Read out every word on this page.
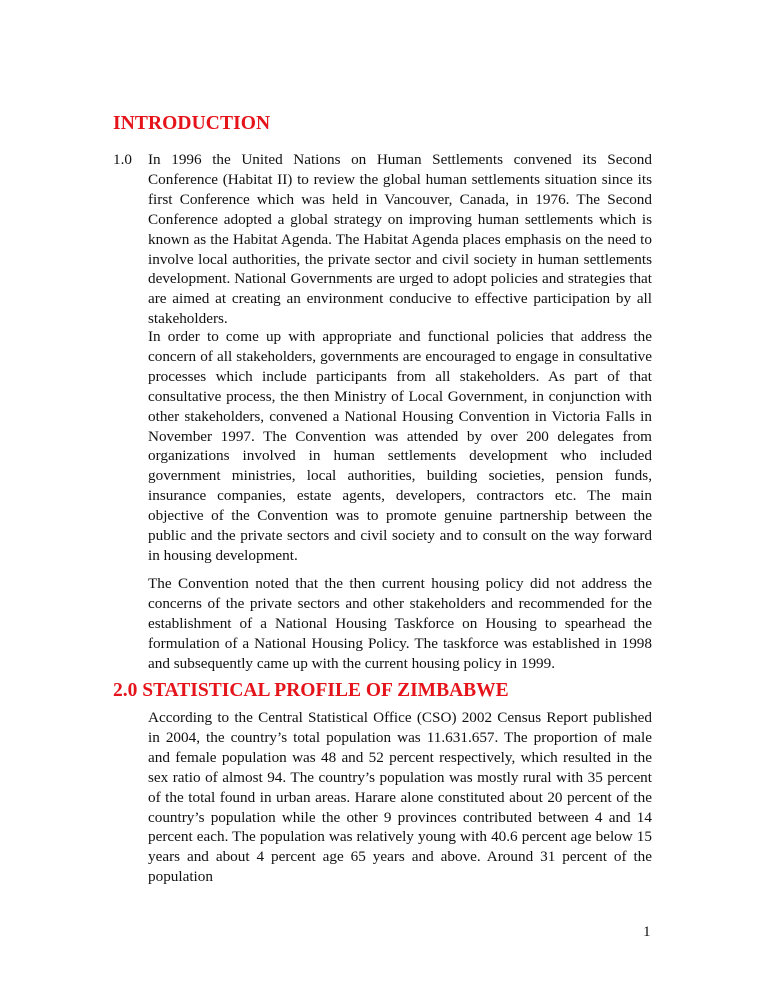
INTRODUCTION
1.0 In 1996 the United Nations on Human Settlements convened its Second Conference (Habitat II) to review the global human settlements situation since its first Conference which was held in Vancouver, Canada, in 1976. The Second Conference adopted a global strategy on improving human settlements which is known as the Habitat Agenda. The Habitat Agenda places emphasis on the need to involve local authorities, the private sector and civil society in human settlements development. National Governments are urged to adopt policies and strategies that are aimed at creating an environment conducive to effective participation by all stakeholders.
In order to come up with appropriate and functional policies that address the concern of all stakeholders, governments are encouraged to engage in consultative processes which include participants from all stakeholders. As part of that consultative process, the then Ministry of Local Government, in conjunction with other stakeholders, convened a National Housing Convention in Victoria Falls in November 1997. The Convention was attended by over 200 delegates from organizations involved in human settlements development who included government ministries, local authorities, building societies, pension funds, insurance companies, estate agents, developers, contractors etc. The main objective of the Convention was to promote genuine partnership between the public and the private sectors and civil society and to consult on the way forward in housing development.
The Convention noted that the then current housing policy did not address the concerns of the private sectors and other stakeholders and recommended for the establishment of a National Housing Taskforce on Housing to spearhead the formulation of a National Housing Policy. The taskforce was established in 1998 and subsequently came up with the current housing policy in 1999.
2.0 STATISTICAL PROFILE OF ZIMBABWE
According to the Central Statistical Office (CSO) 2002 Census Report published in 2004, the country’s total population was 11.631.657. The proportion of male and female population was 48 and 52 percent respectively, which resulted in the sex ratio of almost 94. The country’s population was mostly rural with 35 percent of the total found in urban areas. Harare alone constituted about 20 percent of the country’s population while the other 9 provinces contributed between 4 and 14 percent each. The population was relatively young with 40.6 percent age below 15 years and about 4 percent age 65 years and above. Around 31 percent of the population
1
